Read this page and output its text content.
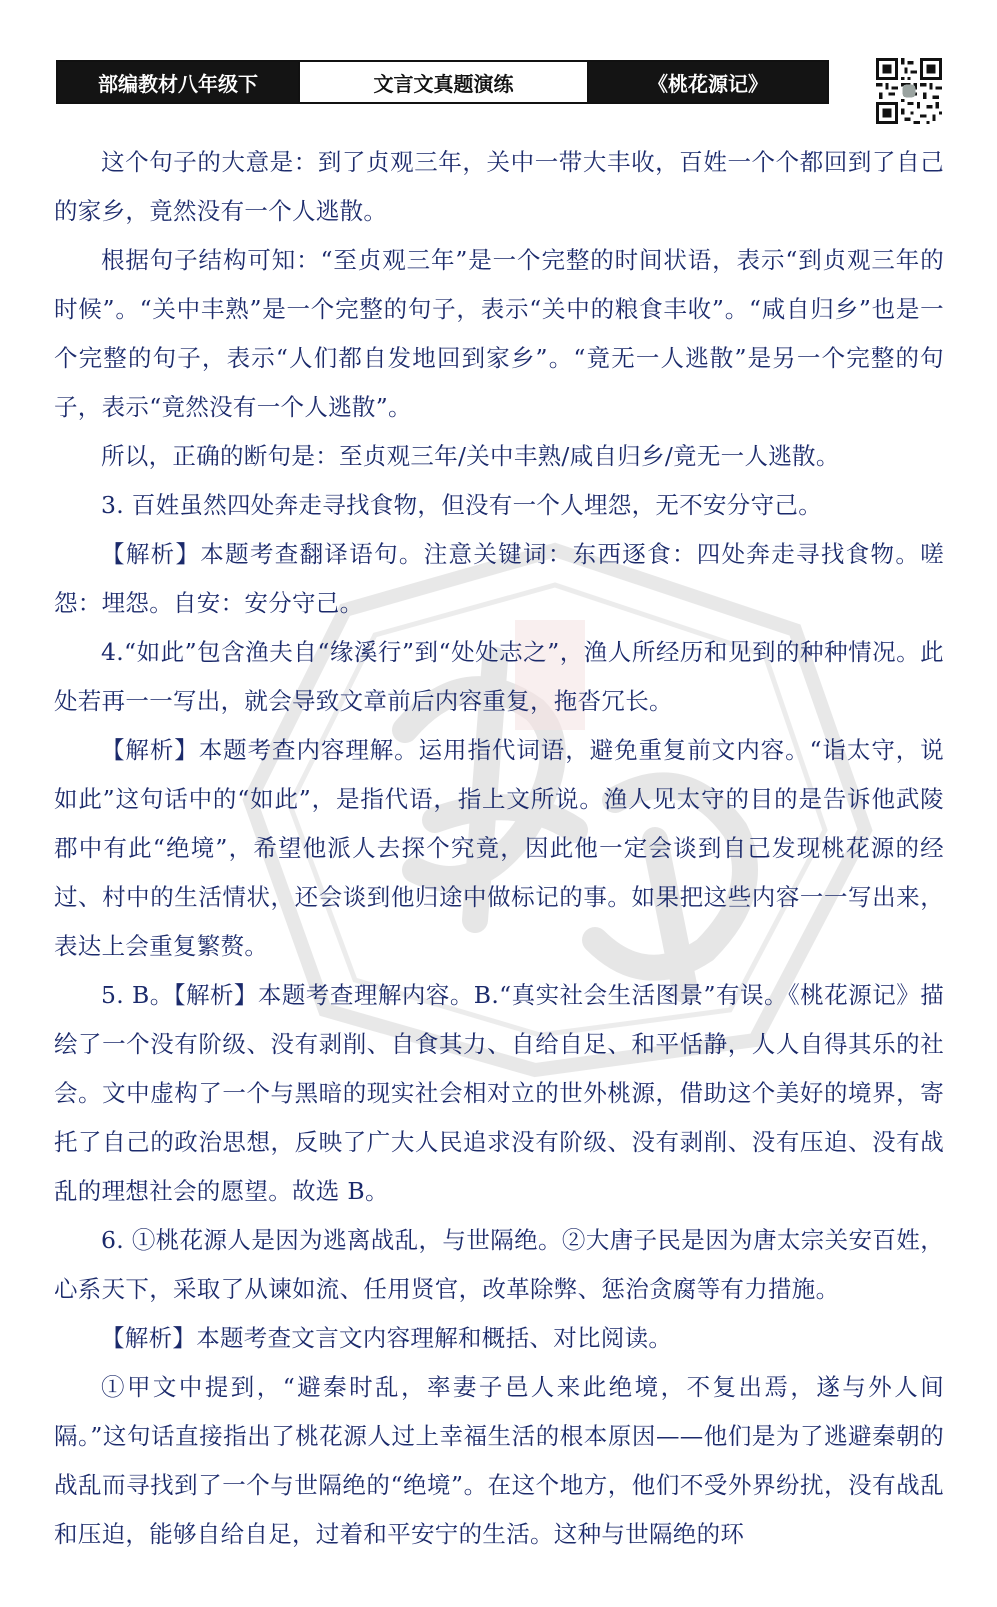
部编教材八年级下	文言文真题演练	《桃花源记》

这个句子的大意是：到了贞观三年，关中一带大丰收，百姓一个个都回到了自己的家乡，竟然没有一个人逃散。

根据句子结构可知：“至贞观三年”是一个完整的时间状语，表示“到贞观三年的时候”。“关中丰熟”是一个完整的句子，表示“关中的粮食丰收”。“咸自归乡”也是一个完整的句子，表示“人们都自发地回到家乡”。“竟无一人逃散”是另一个完整的句子，表示“竟然没有一个人逃散”。

所以，正确的断句是：至贞观三年/关中丰熟/咸自归乡/竟无一人逃散。

3. 百姓虽然四处奔走寻找食物，但没有一个人埋怨，无不安分守己。

【解析】本题考查翻译语句。注意关键词：东西逐食：四处奔走寻找食物。嗟怨：埋怨。自安：安分守己。

4.“如此”包含渔夫自“缘溪行”到“处处志之”，渔人所经历和见到的种种情况。此处若再一一写出，就会导致文章前后内容重复，拖沓冗长。

【解析】本题考查内容理解。运用指代词语，避免重复前文内容。“诣太守，说如此”这句话中的“如此”，是指代语，指上文所说。渔人见太守的目的是告诉他武陵郡中有此“绝境”，希望他派人去探个究竟，因此他一定会谈到自己发现桃花源的经过、村中的生活情状，还会谈到他归途中做标记的事。如果把这些内容一一写出来，表达上会重复繁赘。

5. B。【解析】本题考查理解内容。B.“真实社会生活图景”有误。《桃花源记》描绘了一个没有阶级、没有剥削、自食其力、自给自足、和平恬静，人人自得其乐的社会。文中虚构了一个与黑暗的现实社会相对立的世外桃源，借助这个美好的境界，寄托了自己的政治思想，反映了广大人民追求没有阶级、没有剥削、没有压迫、没有战乱的理想社会的愿望。故选 B。

6. ①桃花源人是因为逃离战乱，与世隔绝。②大唐子民是因为唐太宗关安百姓，心系天下，采取了从谏如流、任用贤官，改革除弊、惩治贪腐等有力措施。

【解析】本题考查文言文内容理解和概括、对比阅读。

①甲文中提到，“避秦时乱，率妻子邑人来此绝境，不复出焉，遂与外人间隔。”这句话直接指出了桃花源人过上幸福生活的根本原因——他们是为了逃避秦朝的战乱而寻找到了一个与世隔绝的“绝境”。在这个地方，他们不受外界纷扰，没有战乱和压迫，能够自给自足，过着和平安宁的生活。这种与世隔绝的环
